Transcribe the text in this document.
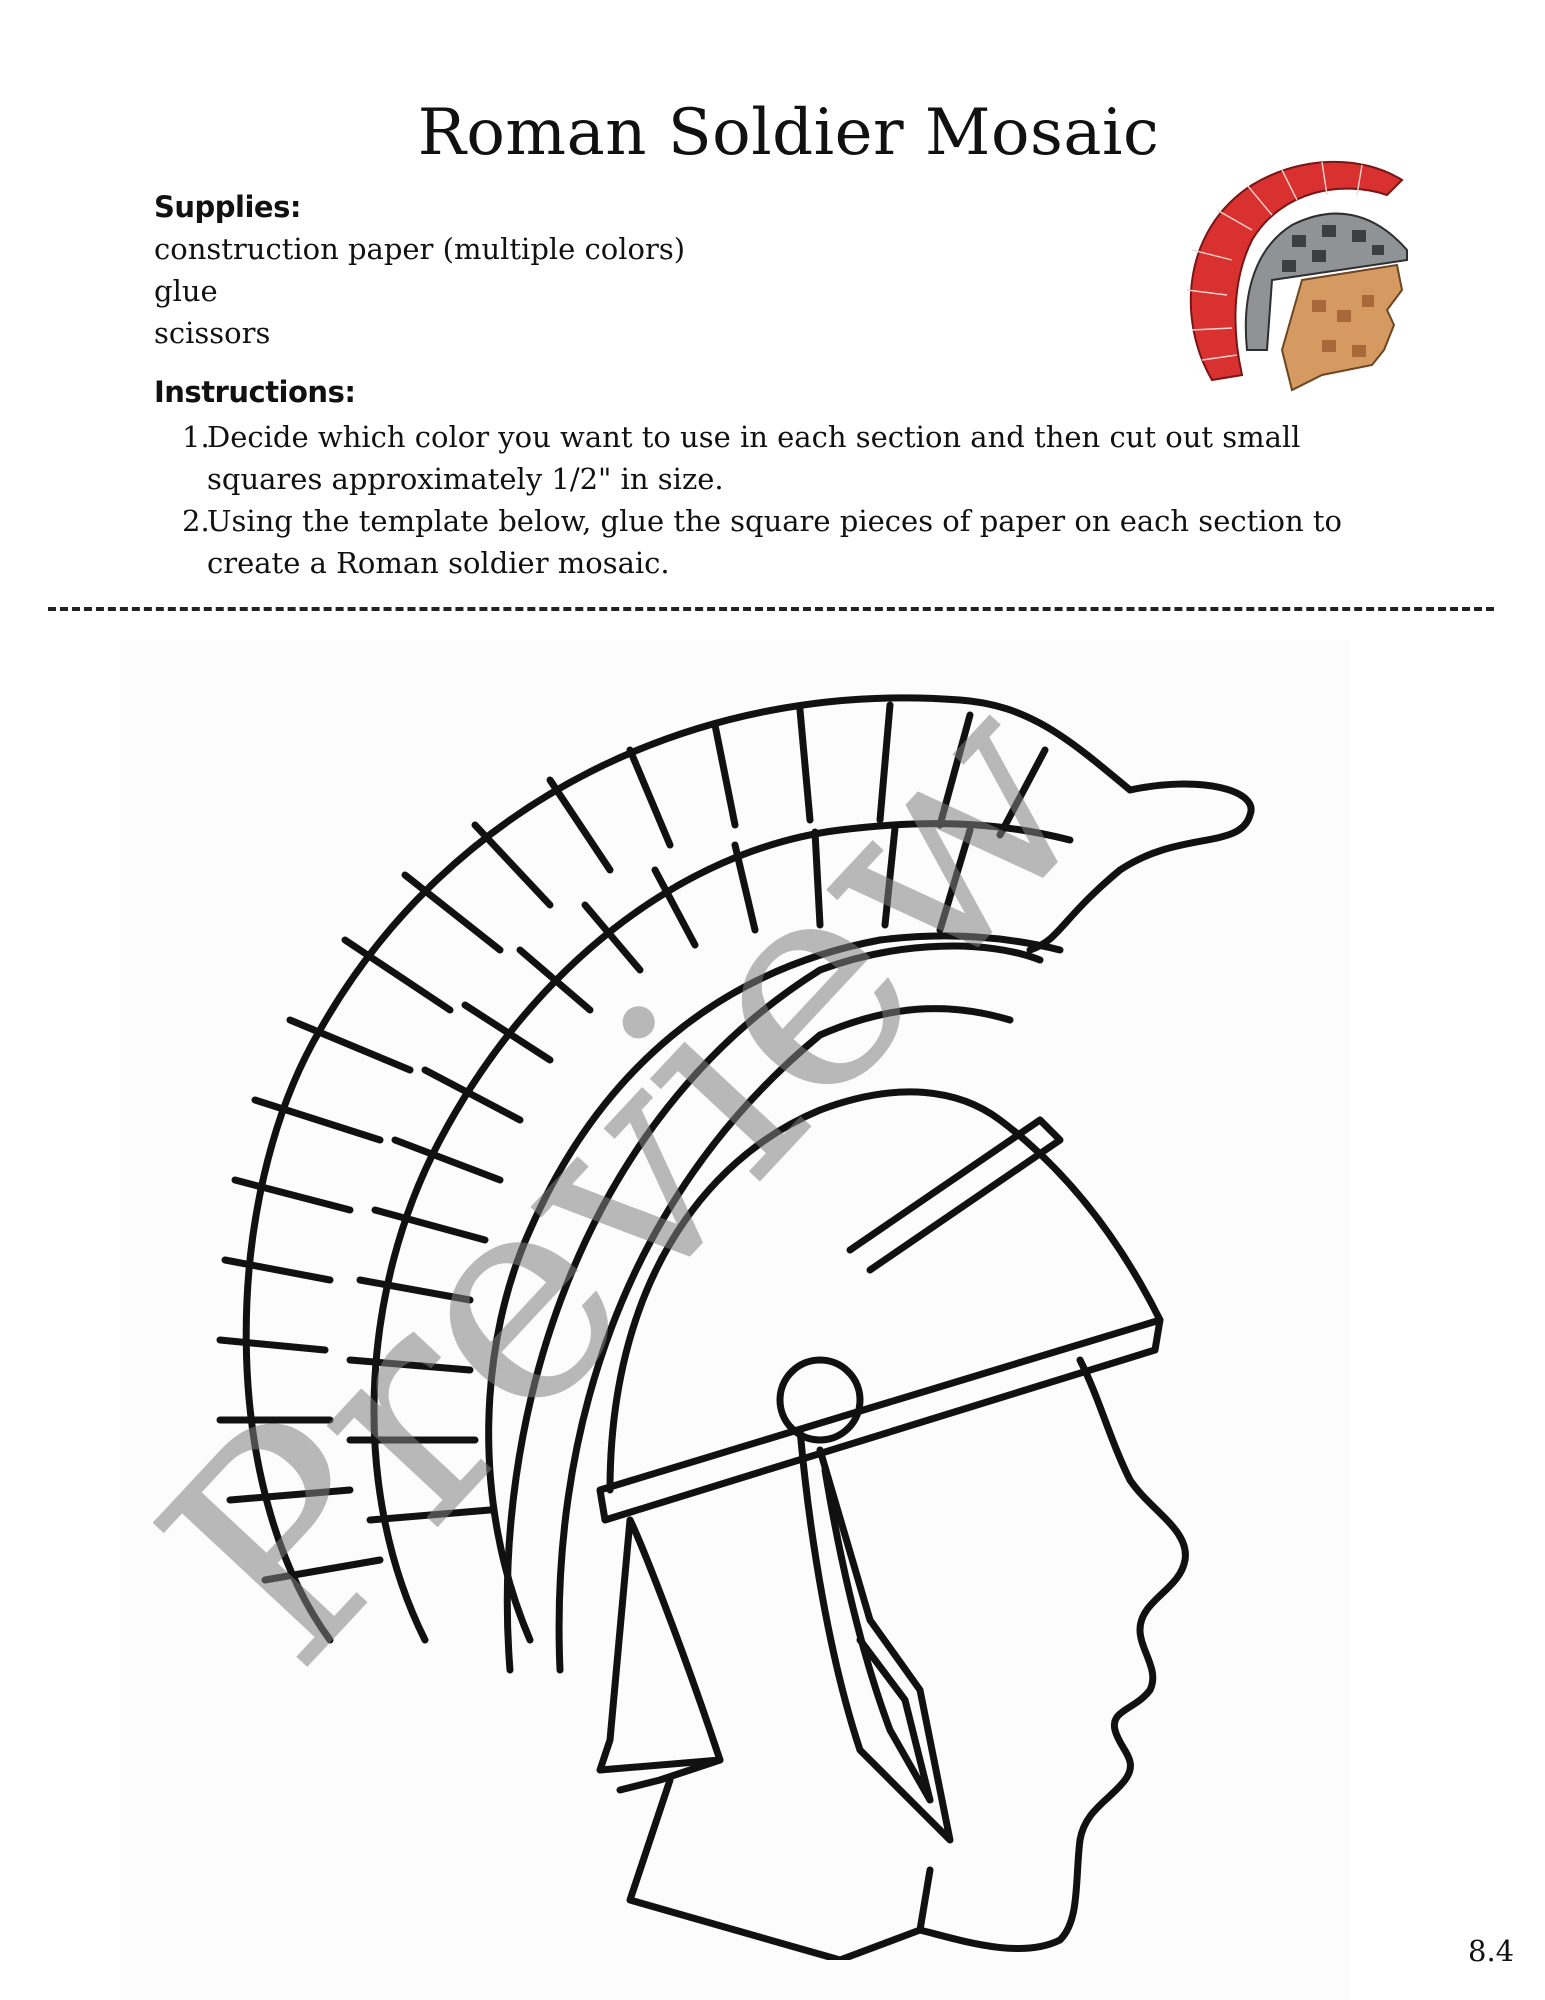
Roman Soldier Mosaic
Supplies:
construction paper (multiple colors)
glue
scissors
Instructions:
1.
Decide which color you want to use in each section and then cut out small squares approximately 1/2" in size.
2.
Using the template below, glue the square pieces of paper on each section to create a Roman soldier mosaic.
Preview
8.4
